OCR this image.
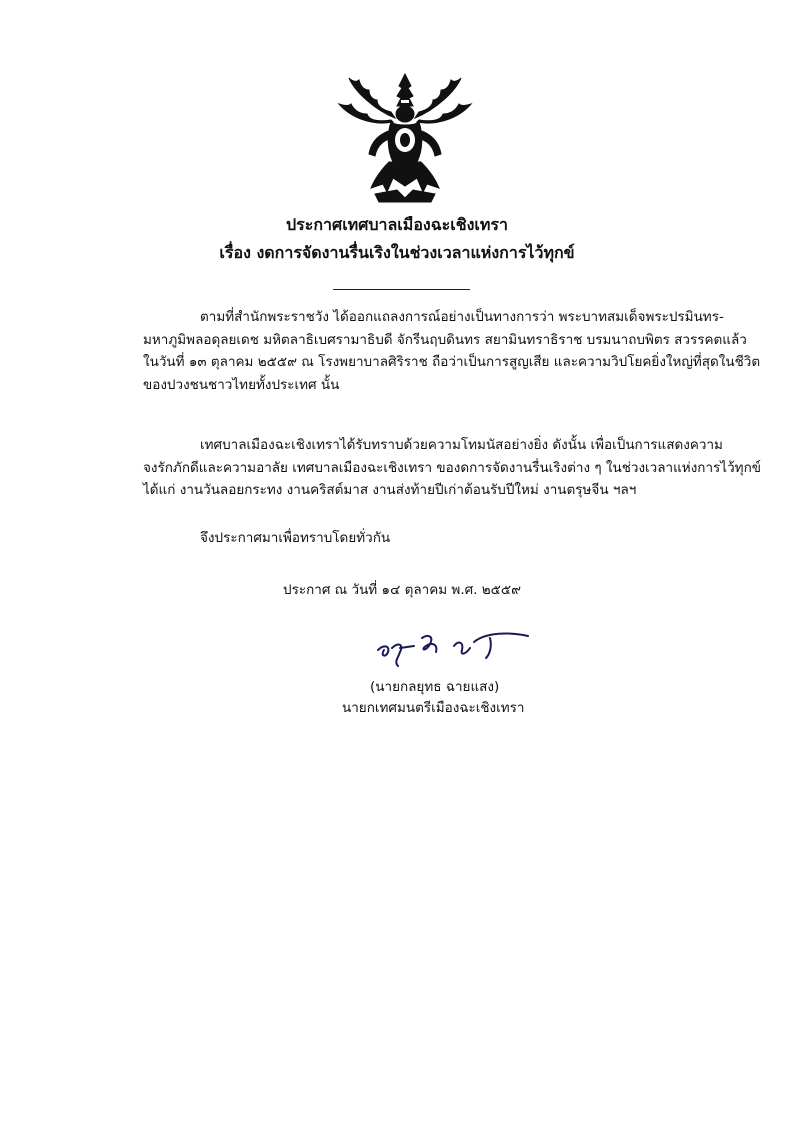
ประกาศเทศบาลเมืองฉะเชิงเทรา
เรื่อง งดการจัดงานรื่นเริงในช่วงเวลาแห่งการไว้ทุกข์
ตามที่สำนักพระราชวัง ได้ออกแถลงการณ์อย่างเป็นทางการว่า พระบาทสมเด็จพระปรมินทร-
มหาภูมิพลอดุลยเดช มหิตลาธิเบศรามาธิบดี จักรีนฤบดินทร สยามินทราธิราช บรมนาถบพิตร สวรรคตแล้ว
ในวันที่ ๑๓ ตุลาคม ๒๕๕๙ ณ โรงพยาบาลศิริราช ถือว่าเป็นการสูญเสีย และความวิปโยคยิ่งใหญ่ที่สุดในชีวิต
ของปวงชนชาวไทยทั้งประเทศ นั้น
เทศบาลเมืองฉะเชิงเทราได้รับทราบด้วยความโทมนัสอย่างยิ่ง ดังนั้น เพื่อเป็นการแสดงความ
จงรักภักดีและความอาลัย เทศบาลเมืองฉะเชิงเทรา ของดการจัดงานรื่นเริงต่าง ๆ ในช่วงเวลาแห่งการไว้ทุกข์
ได้แก่ งานวันลอยกระทง งานคริสต์มาส งานส่งท้ายปีเก่าต้อนรับปีใหม่ งานตรุษจีน ฯลฯ
จึงประกาศมาเพื่อทราบโดยทั่วกัน
ประกาศ ณ วันที่ ๑๔ ตุลาคม พ.ศ. ๒๕๕๙
(นายกลยุทธ ฉายแสง)
นายกเทศมนตรีเมืองฉะเชิงเทรา
